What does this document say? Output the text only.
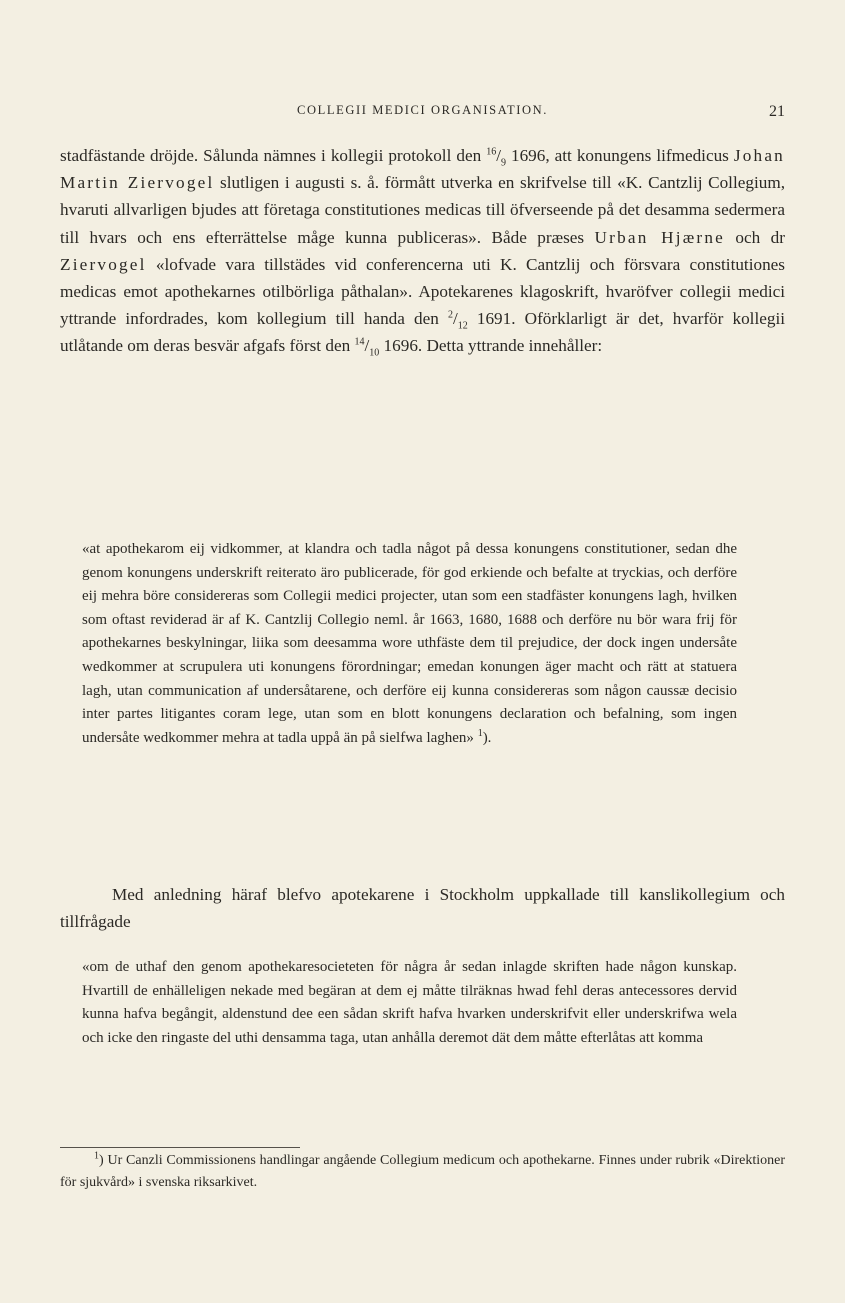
COLLEGII MEDICI ORGANISATION.	21

stadfästande dröjde. Sålunda nämnes i kollegii protokoll den $^{16}/_9$ 1696, att konungens lifmedicus Johan Martin Ziervogel slutligen i augusti s. å. förmått utverka en skrifvelse till «K. Cantzlij Collegium, hvaruti allvarligen bjudes att företaga constitutiones medicas till öfverseende på det desamma sedermera till hvars och ens efterrättelse måge kunna publiceras». Både præses Urban Hjærne och dr Ziervogel «lofvade vara tillstädes vid conferencerna uti K. Cantzlij och försvara constitutiones medicas emot apothekarnes otilbörliga påthalan». Apotekarenes klagoskrift, hvaröfver collegii medici yttrande infordrades, kom kollegium till handa den $^2/_{12}$ 1691. Oförklarligt är det, hvarför kollegii utlåtande om deras besvär afgafs först den $^{14}/_{10}$ 1696. Detta yttrande innehåller:

«at apothekarom eij vidkommer, at klandra och tadla något på dessa konungens constitutioner, sedan dhe genom konungens underskrift reiterato äro publicerade, för god erkiende och befalte at tryckias, och derföre eij mehra böre considereras som Collegii medici projecter, utan som een stadfäster konungens lagh, hvilken som oftast reviderad är af K. Cantzlij Collegio neml. år 1663, 1680, 1688 och derföre nu bör wara frij för apothekarnes beskylningar, liika som deesamma wore uthfäste dem til prejudice, der dock ingen undersåte wedkommer at scrupulera uti konungens förordningar; emedan konungen äger macht och rätt at statuera lagh, utan communication af undersåtarene, och derföre eij kunna considereras som någon caussæ decisio inter partes litigantes coram lege, utan som en blott konungens declaration och befalning, som ingen undersåte wedkommer mehra at tadla uppå än på sielfwa laghen» $^1$).

Med anledning häraf blefvo apotekarene i Stockholm uppkallade till kanslikollegium och tillfrågade

«om de uthaf den genom apothekaresocieteten för några år sedan inlagde skriften hade någon kunskap. Hvartill de enhälleligen nekade med begäran at dem ej måtte tilräknas hwad fehl deras antecessores dervid kunna hafva begångit, aldenstund dee een sådan skrift hafva hvarken underskrifvit eller underskrifwa wela och icke den ringaste del uthi densamma taga, utan anhålla deremot dät dem måtte efterlåtas att komma

$^1$) Ur Canzli Commissionens handlingar angående Collegium medicum och apothekarne. Finnes under rubrik «Direktioner för sjukvård» i svenska riksarkivet.
